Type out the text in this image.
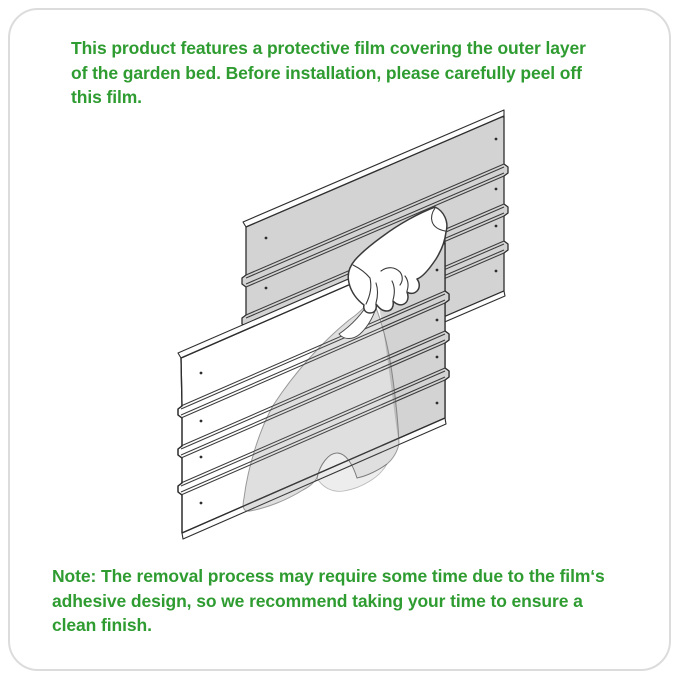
This product features a protective film covering the outer layer
of the garden bed. Before installation, please carefully peel off
this film.
Note: The removal process may require some time due to the film‘s
adhesive design, so we recommend taking your time to ensure a
clean finish.
